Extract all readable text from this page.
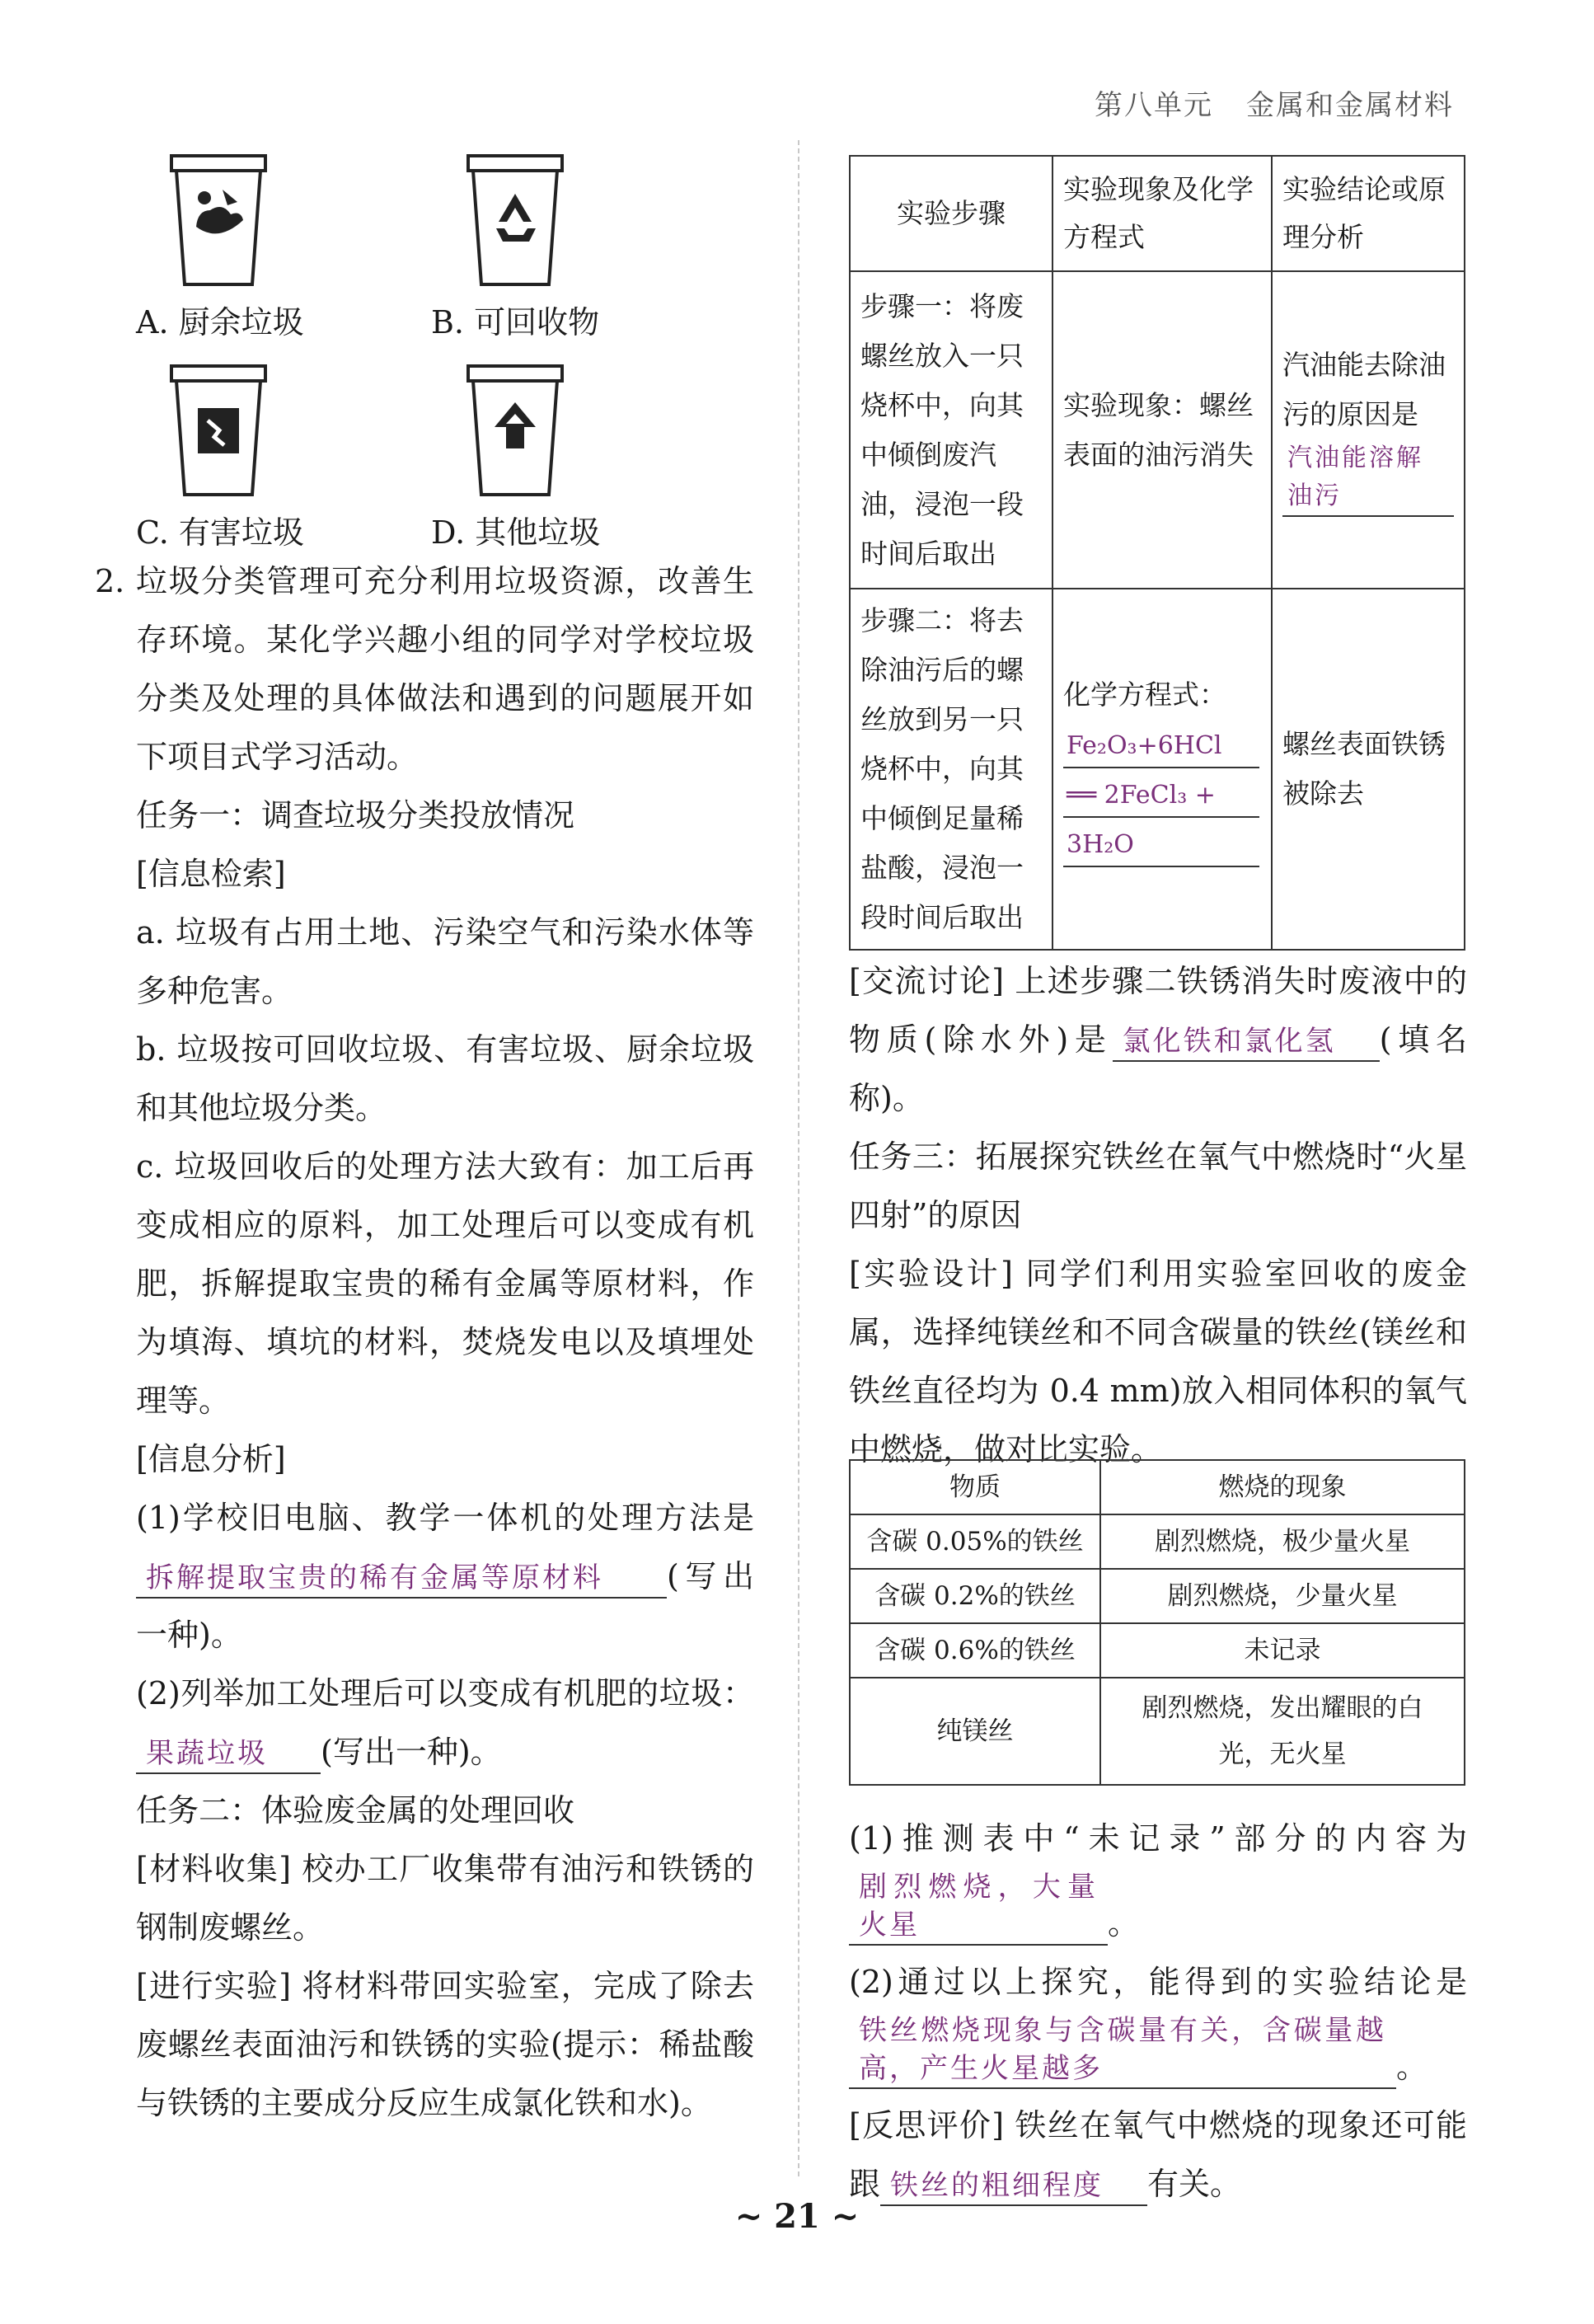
第八单元 金属和金属材料
A. 厨余垃圾	B. 可回收物
C. 有害垃圾	D. 其他垃圾

2. 垃圾分类管理可充分利用垃圾资源，改善生存环境。某化学兴趣小组的同学对学校垃圾分类及处理的具体做法和遇到的问题展开如下项目式学习活动。

任务一：调查垃圾分类投放情况

[信息检索]

a. 垃圾有占用土地、污染空气和污染水体等多种危害。

b. 垃圾按可回收垃圾、有害垃圾、厨余垃圾和其他垃圾分类。

c. 垃圾回收后的处理方法大致有：加工后再变成相应的原料，加工处理后可以变成有机肥，拆解提取宝贵的稀有金属等原材料，作为填海、填坑的材料，焚烧发电以及填埋处理等。

[信息分析]

(1)学校旧电脑、教学一体机的处理方法是 拆解提取宝贵的稀有金属等原材料 (写出一种)。

(2)列举加工处理后可以变成有机肥的垃圾：果蔬垃圾 (写出一种)。

任务二：体验废金属的处理回收

[材料收集] 校办工厂收集带有油污和铁锈的钢制废螺丝。

[进行实验] 将材料带回实验室，完成了除去废螺丝表面油污和铁锈的实验(提示：稀盐酸与铁锈的主要成分反应生成氯化铁和水)。

实验步骤	实验现象及化学方程式	实验结论或原理分析
步骤一：将废螺丝放入一只烧杯中，向其中倾倒废汽油，浸泡一段时间后取出	实验现象：螺丝表面的油污消失	汽油能去除油污的原因是汽油能溶解油污
步骤二：将去除油污后的螺丝放到另一只烧杯中，向其中倾倒足量稀盐酸，浸泡一段时间后取出	化学方程式：
Fe₂O₃+6HCl ══ 2FeCl₃ + 3H₂O	螺丝表面铁锈被除去

[交流讨论] 上述步骤二铁锈消失时废液中的物质(除水外)是 氯化铁和氯化氢 (填名称)。

任务三：拓展探究铁丝在氧气中燃烧时“火星四射”的原因

[实验设计] 同学们利用实验室回收的废金属，选择纯镁丝和不同含碳量的铁丝(镁丝和铁丝直径均为 0.4 mm)放入相同体积的氧气中燃烧，做对比实验。

物质	燃烧的现象
含碳 0.05%的铁丝	剧烈燃烧，极少量火星
含碳 0.2%的铁丝	剧烈燃烧，少量火星
含碳 0.6%的铁丝	未记录
纯镁丝	剧烈燃烧，发出耀眼的白光，无火星

(1)推测表中“未记录”部分的内容为剧烈燃烧，大量火星	。

(2)通过以上探究，能得到的实验结论是铁丝燃烧现象与含碳量有关，含碳量越高，产生火星越多	。

[反思评价] 铁丝在氧气中燃烧的现象还可能跟 铁丝的粗细程度 有关。

~ 21 ~
